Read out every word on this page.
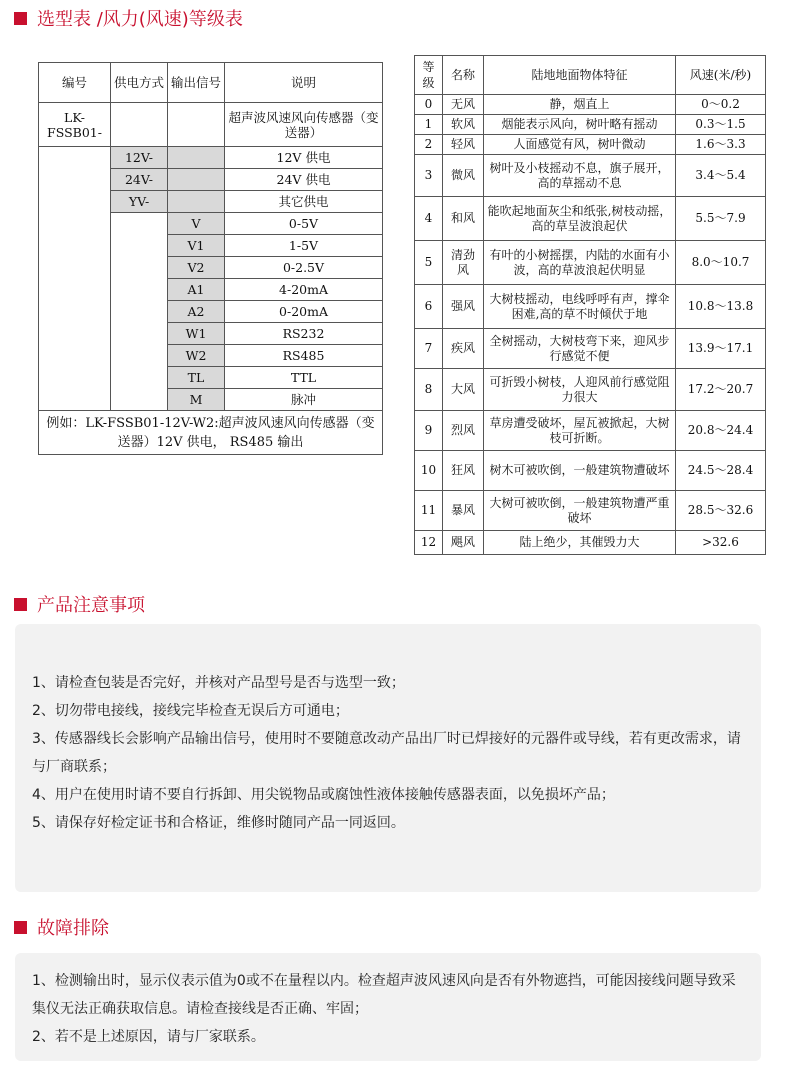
选型表 /风力(风速)等级表
编号	供电方式	输出信号	说明
LK-FSSB01-			超声波风速风向传感器（变送器）
	12V-		12V 供电
	24V-		24V 供电
	YV-		其它供电
		V	0-5V
		V1	1-5V
		V2	0-2.5V
		A1	4-20mA
		A2	0-20mA
		W1	RS232
		W2	RS485
		TL	TTL
		M	脉冲
例如：LK-FSSB01-12V-W2:超声波风速风向传感器（变送器）12V 供电， RS485 输出			
等级	名称	陆地地面物体特征	风速(米/秒)
0	无风	静，烟直上	0～0.2
1	软风	烟能表示风向，树叶略有摇动	0.3～1.5
2	轻风	人面感觉有风，树叶微动	1.6～3.3
3	微风	树叶及小枝摇动不息，旗子展开，高的草摇动不息	3.4～5.4
4	和风	能吹起地面灰尘和纸张,树枝动摇，高的草呈波浪起伏	5.5～7.9
5	清劲风	有叶的小树摇摆，内陆的水面有小波，高的草波浪起伏明显	8.0～10.7
6	强风	大树枝摇动，电线呼呼有声，撑伞困难,高的草不时倾伏于地	10.8～13.8
7	疾风	全树摇动，大树枝弯下来，迎风步行感觉不便	13.9～17.1
8	大风	可折毁小树枝，人迎风前行感觉阻力很大	17.2～20.7
9	烈风	草房遭受破坏，屋瓦被掀起，大树枝可折断。	20.8～24.4
10	狂风	树木可被吹倒，一般建筑物遭破坏	24.5～28.4
11	暴风	大树可被吹倒，一般建筑物遭严重破坏	28.5～32.6
12	飓风	陆上绝少，其催毁力大	>32.6
产品注意事项

1、请检查包装是否完好，并核对产品型号是否与选型一致；

2、切勿带电接线，接线完毕检查无误后方可通电；

3、传感器线长会影响产品输出信号，使用时不要随意改动产品出厂时已焊接好的元器件或导线，若有更改需求，请与厂商联系；

4、用户在使用时请不要自行拆卸、用尖锐物品或腐蚀性液体接触传感器表面，以免损坏产品；

5、请保存好检定证书和合格证，维修时随同产品一同返回。

故障排除

1、检测输出时，显示仪表示值为0或不在量程以内。检查超声波风速风向是否有外物遮挡，可能因接线问题导致采集仪无法正确获取信息。请检查接线是否正确、牢固；

2、若不是上述原因，请与厂家联系。
